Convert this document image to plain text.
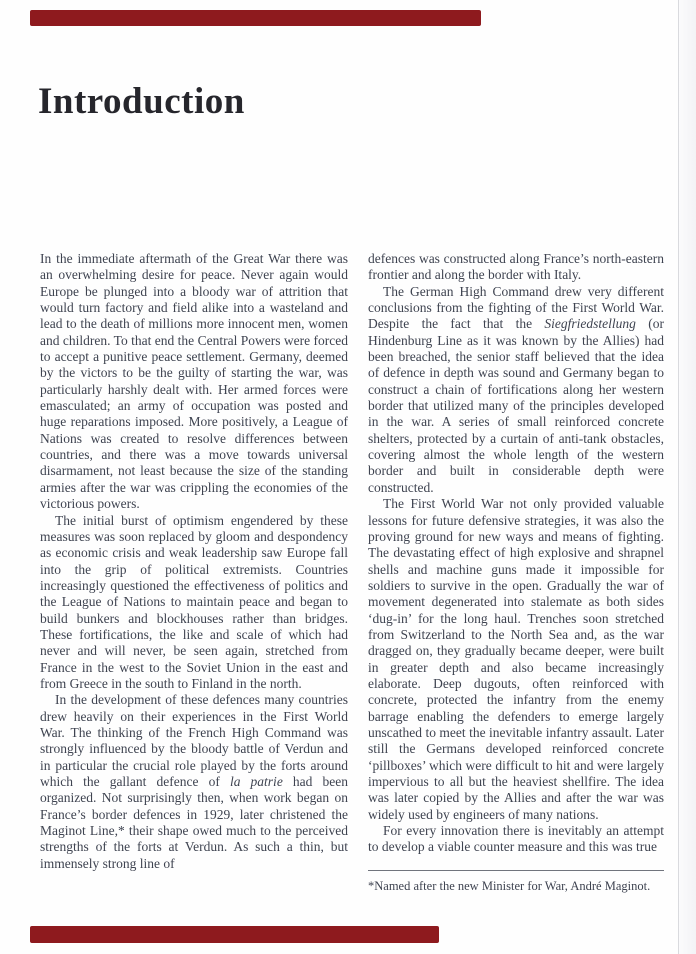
Introduction

In the immediate aftermath of the Great War there was an overwhelming desire for peace. Never again would Europe be plunged into a bloody war of attrition that would turn factory and field alike into a wasteland and lead to the death of millions more innocent men, women and children. To that end the Central Powers were forced to accept a punitive peace settlement. Germany, deemed by the victors to be the guilty of starting the war, was particularly harshly dealt with. Her armed forces were emasculated; an army of occupation was posted and huge reparations imposed. More positively, a League of Nations was created to resolve differences between countries, and there was a move towards universal disarmament, not least because the size of the standing armies after the war was crippling the economies of the victorious powers.

The initial burst of optimism engendered by these measures was soon replaced by gloom and despondency as economic crisis and weak leadership saw Europe fall into the grip of political extremists. Countries increasingly questioned the effectiveness of politics and the League of Nations to maintain peace and began to build bunkers and blockhouses rather than bridges. These fortifications, the like and scale of which had never and will never, be seen again, stretched from France in the west to the Soviet Union in the east and from Greece in the south to Finland in the north.

In the development of these defences many countries drew heavily on their experiences in the First World War. The thinking of the French High Command was strongly influenced by the bloody battle of Verdun and in particular the crucial role played by the forts around which the gallant defence of la patrie had been organized. Not surprisingly then, when work began on France’s border defences in 1929, later christened the Maginot Line,* their shape owed much to the perceived strengths of the forts at Verdun. As such a thin, but immensely strong line of

defences was constructed along France’s north-eastern frontier and along the border with Italy.

The German High Command drew very different conclusions from the fighting of the First World War. Despite the fact that the Siegfriedstellung (or Hindenburg Line as it was known by the Allies) had been breached, the senior staff believed that the idea of defence in depth was sound and Germany began to construct a chain of fortifications along her western border that utilized many of the principles developed in the war. A series of small reinforced concrete shelters, protected by a curtain of anti-tank obstacles, covering almost the whole length of the western border and built in considerable depth were constructed.

The First World War not only provided valuable lessons for future defensive strategies, it was also the proving ground for new ways and means of fighting. The devastating effect of high explosive and shrapnel shells and machine guns made it impossible for soldiers to survive in the open. Gradually the war of movement degenerated into stalemate as both sides ‘dug-in’ for the long haul. Trenches soon stretched from Switzerland to the North Sea and, as the war dragged on, they gradually became deeper, were built in greater depth and also became increasingly elaborate. Deep dugouts, often reinforced with concrete, protected the infantry from the enemy barrage enabling the defenders to emerge largely unscathed to meet the inevitable infantry assault. Later still the Germans developed reinforced concrete ‘pillboxes’ which were difficult to hit and were largely impervious to all but the heaviest shellfire. The idea was later copied by the Allies and after the war was widely used by engineers of many nations.

For every innovation there is inevitably an attempt to develop a viable counter measure and this was true

*Named after the new Minister for War, André Maginot.
